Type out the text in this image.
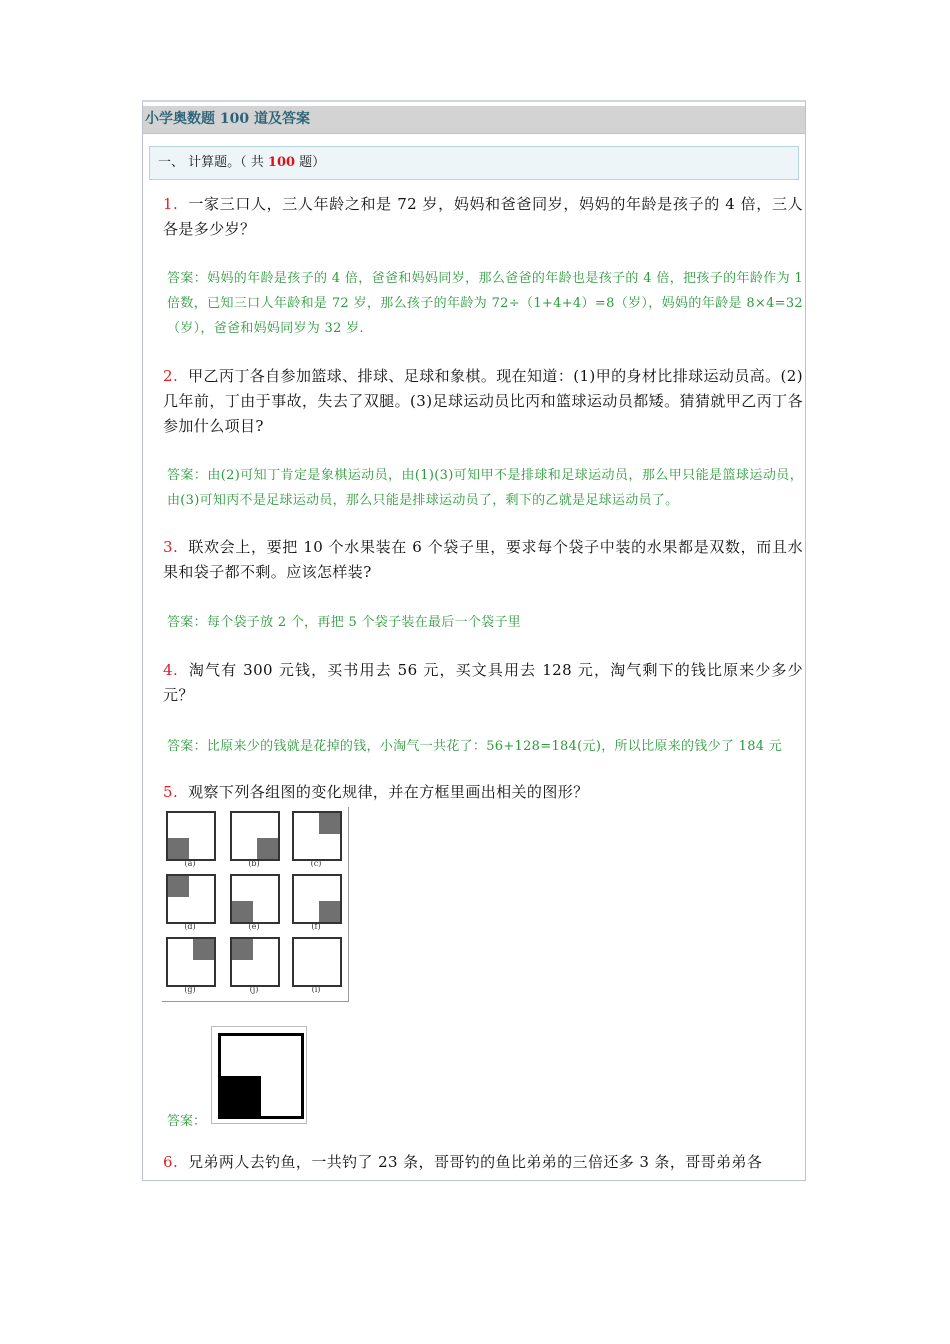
小学奥数题 100 道及答案
一、 计算题。（ 共 100 题）
1. 一家三口人，三人年龄之和是 72 岁，妈妈和爸爸同岁，妈妈的年龄是孩子的 4 倍，三人各是多少岁？
答案：妈妈的年龄是孩子的 4 倍，爸爸和妈妈同岁，那么爸爸的年龄也是孩子的 4 倍，把孩子的年龄作为 1 倍数，已知三口人年龄和是 72 岁，那么孩子的年龄为 72÷（1+4+4）=8（岁），妈妈的年龄是 8×4=32（岁），爸爸和妈妈同岁为 32 岁.
2. 甲乙丙丁各自参加篮球、排球、足球和象棋。现在知道：(1)甲的身材比排球运动员高。(2)几年前，丁由于事故，失去了双腿。(3)足球运动员比丙和篮球运动员都矮。猜猜就甲乙丙丁各参加什么项目?
答案：由(2)可知丁肯定是象棋运动员，由(1)(3)可知甲不是排球和足球运动员，那么甲只能是篮球运动员，由(3)可知丙不是足球运动员，那么只能是排球运动员了，剩下的乙就是足球运动员了。
3. 联欢会上，要把 10 个水果装在 6 个袋子里，要求每个袋子中装的水果都是双数，而且水果和袋子都不剩。应该怎样装?
答案：每个袋子放 2 个，再把 5 个袋子装在最后一个袋子里
4. 淘气有 300 元钱，买书用去 56 元，买文具用去 128 元，淘气剩下的钱比原来少多少元？
答案：比原来少的钱就是花掉的钱，小淘气一共花了：56+128=184(元)，所以比原来的钱少了 184 元
5. 观察下列各组图的变化规律，并在方框里画出相关的图形？
(a)	(b)	(c)
(d)	(e)	(f)
(g)	(j)	(i)
答案：
6. 兄弟两人去钓鱼，一共钓了 23 条，哥哥钓的鱼比弟弟的三倍还多 3 条，哥哥弟弟各
